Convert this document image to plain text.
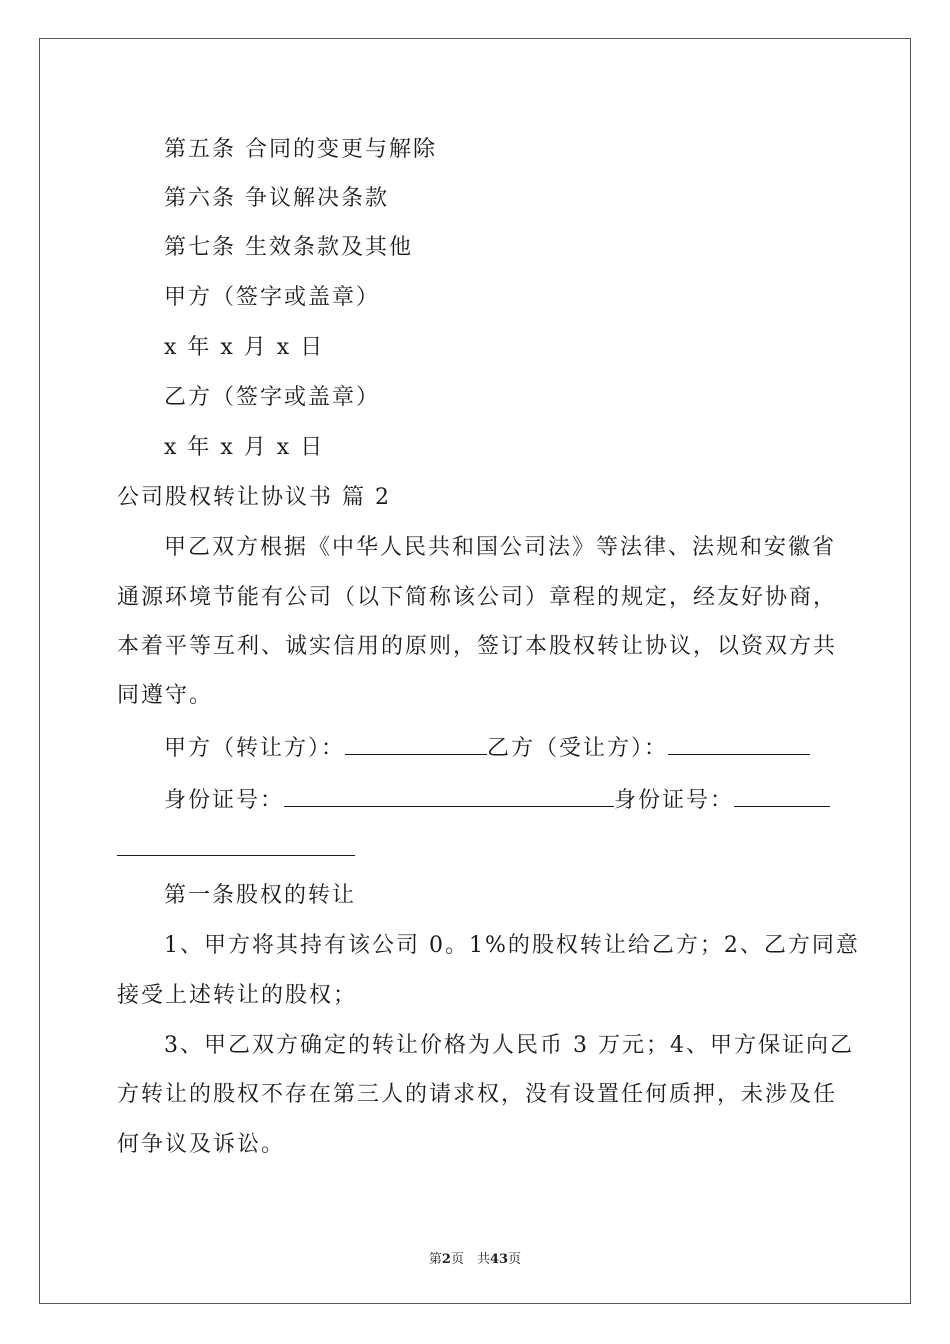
第五条 合同的变更与解除
第六条 争议解决条款
第七条 生效条款及其他
甲方（签字或盖章）
x 年 x 月 x 日
乙方（签字或盖章）
x 年 x 月 x 日
公司股权转让协议书 篇 2
甲乙双方根据《中华人民共和国公司法》等法律、法规和安徽省
通源环境节能有公司（以下简称该公司）章程的规定，经友好协商，
本着平等互利、诚实信用的原则，签订本股权转让协议，以资双方共
同遵守。
甲方（转让方）：	乙方（受让方）：
身份证号：	身份证号：
第一条股权的转让
1、甲方将其持有该公司 0。1%的股权转让给乙方；2、乙方同意
接受上述转让的股权；
3、甲乙双方确定的转让价格为人民币 3 万元；4、甲方保证向乙
方转让的股权不存在第三人的请求权，没有设置任何质押，未涉及任
何争议及诉讼。
第2页　共43页
